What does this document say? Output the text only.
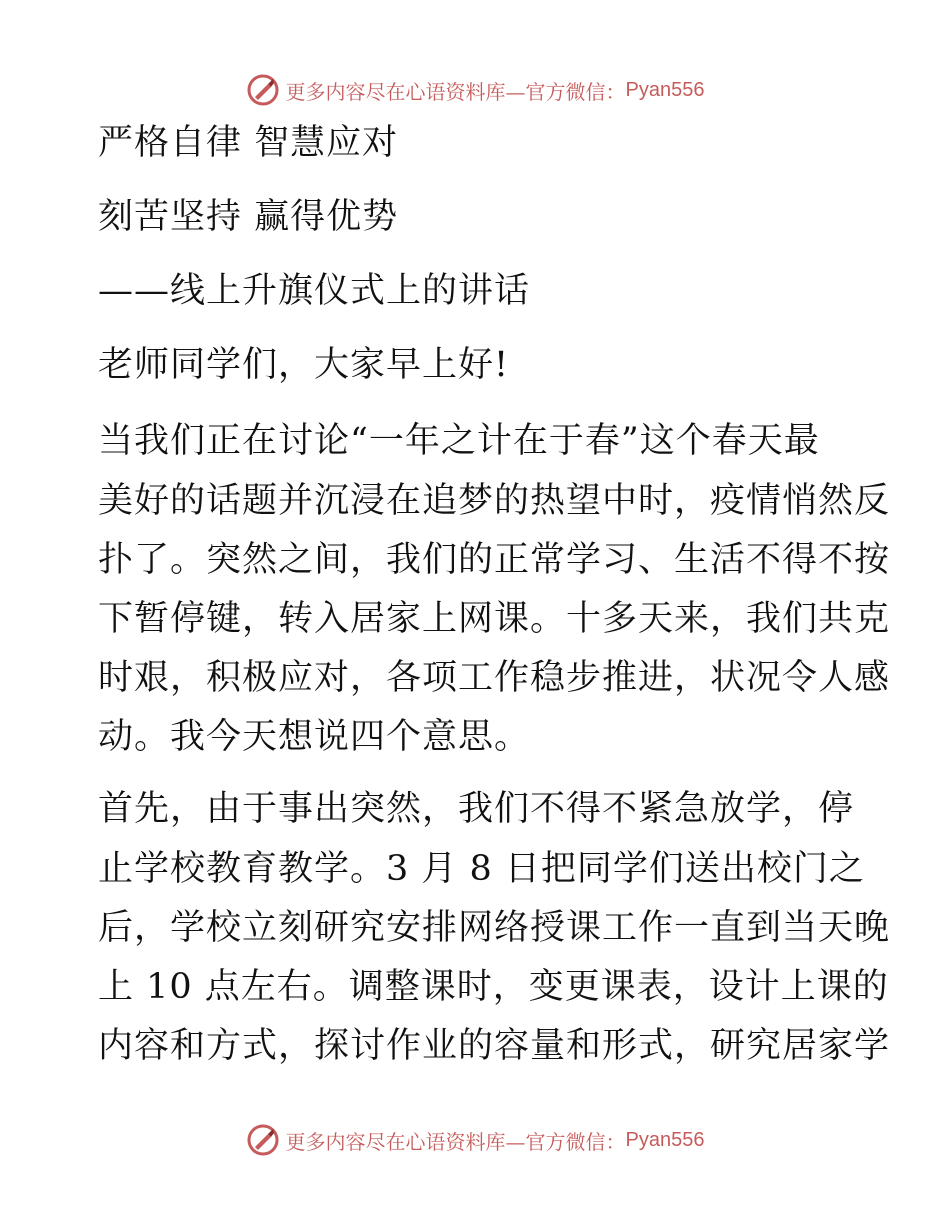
更多内容尽在心语资料库—官方微信： Pyan556
严格自律 智慧应对
刻苦坚持 赢得优势
——线上升旗仪式上的讲话
老师同学们，大家早上好!
当我们正在讨论“一年之计在于春”这个春天最
美好的话题并沉浸在追梦的热望中时，疫情悄然反
扑了。突然之间，我们的正常学习、生活不得不按
下暂停键，转入居家上网课。十多天来，我们共克
时艰，积极应对，各项工作稳步推进，状况令人感
动。我今天想说四个意思。
首先，由于事出突然，我们不得不紧急放学，停
止学校教育教学。3 月 8 日把同学们送出校门之
后，学校立刻研究安排网络授课工作一直到当天晚
上 10 点左右。调整课时，变更课表，设计上课的
内容和方式，探讨作业的容量和形式，研究居家学
更多内容尽在心语资料库—官方微信： Pyan556
